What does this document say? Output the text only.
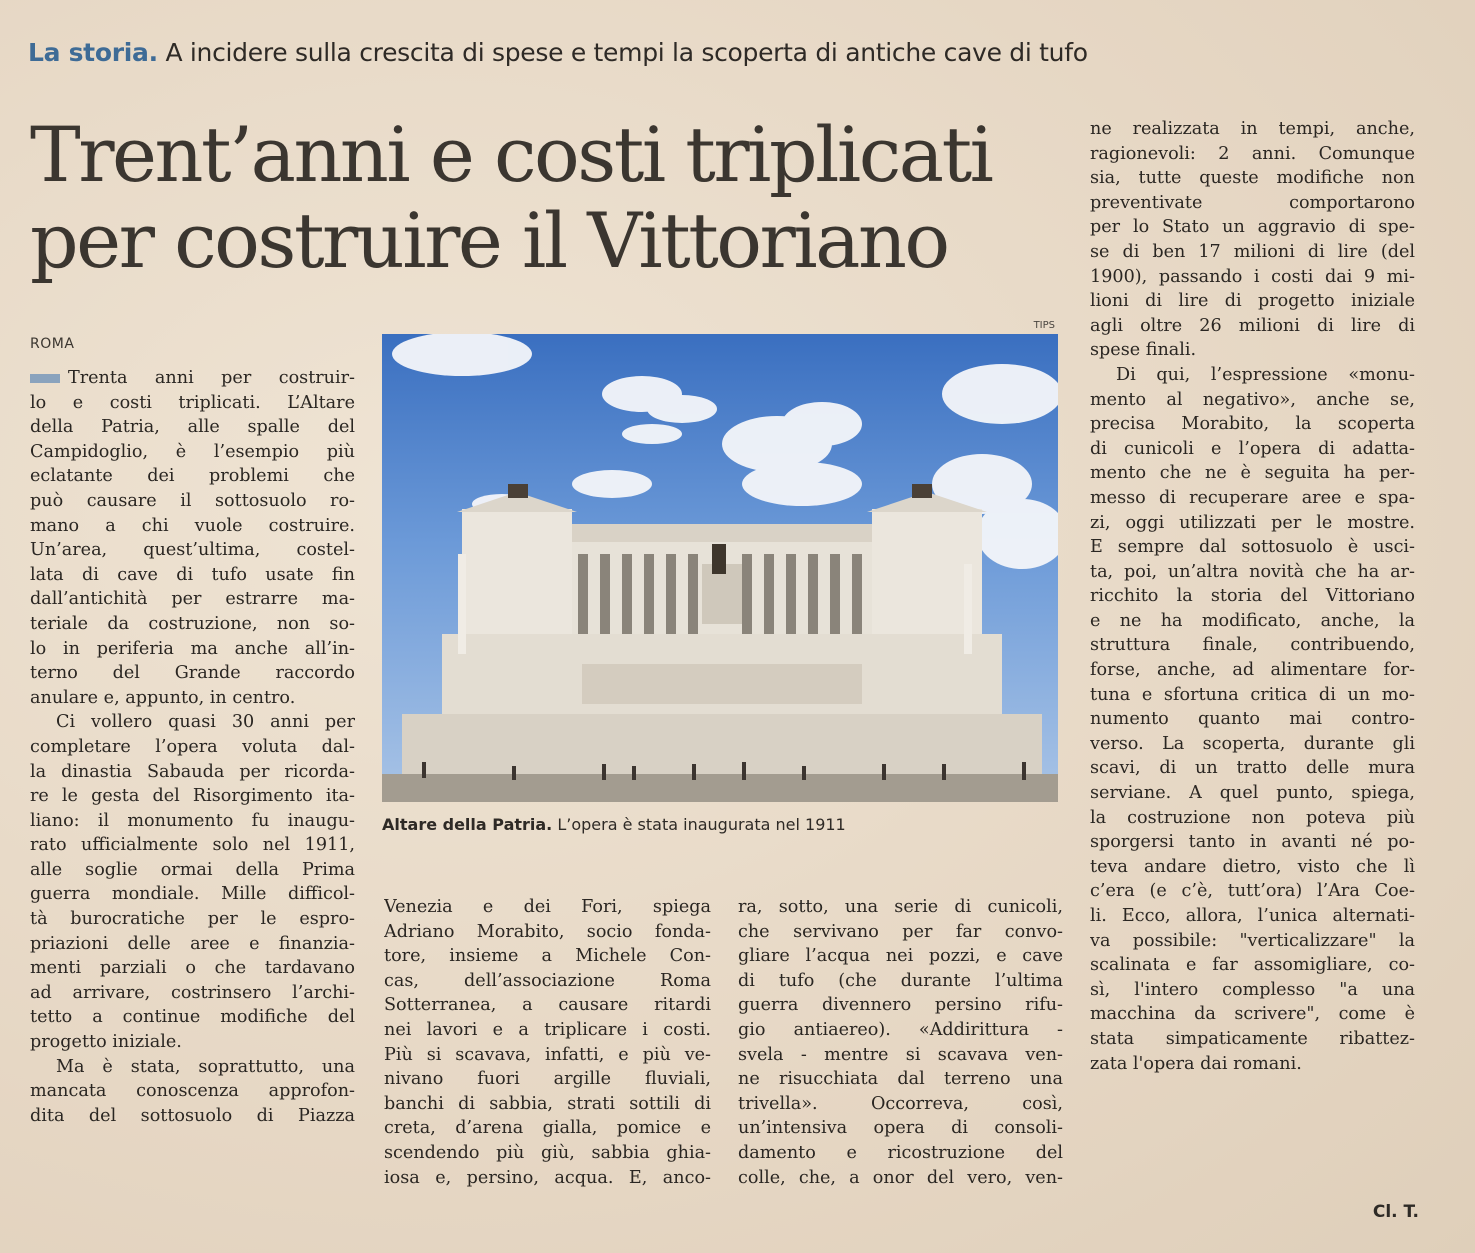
La storia. A incidere sulla crescita di spese e tempi la scoperta di antiche cave di tufo
Trent’anni e costi triplicati
per costruire il Vittoriano
ROMA
TIPS
Altare della Patria. L’opera è stata inaugurata nel 1911
Trenta anni per costruir-
lo e costi triplicati. L’Altare
della Patria, alle spalle del
Campidoglio, è l’esempio più
eclatante dei problemi che
può causare il sottosuolo ro-
mano a chi vuole costruire.
Un’area, quest’ultima, costel-
lata di cave di tufo usate fin
dall’antichità per estrarre ma-
teriale da costruzione, non so-
lo in periferia ma anche all’in-
terno del Grande raccordo
anulare e, appunto, in centro.
Ci vollero quasi 30 anni per
completare l’opera voluta dal-
la dinastia Sabauda per ricorda-
re le gesta del Risorgimento ita-
liano: il monumento fu inaugu-
rato ufficialmente solo nel 1911,
alle soglie ormai della Prima
guerra mondiale. Mille difficol-
tà burocratiche per le espro-
priazioni delle aree e finanzia-
menti parziali o che tardavano
ad arrivare, costrinsero l’archi-
tetto a continue modifiche del
progetto iniziale.
Ma è stata, soprattutto, una
mancata conoscenza approfon-
dita del sottosuolo di Piazza
Venezia e dei Fori, spiega
Adriano Morabito, socio fonda-
tore, insieme a Michele Con-
cas, dell’associazione Roma
Sotterranea, a causare ritardi
nei lavori e a triplicare i costi.
Più si scavava, infatti, e più ve-
nivano fuori argille fluviali,
banchi di sabbia, strati sottili di
creta, d’arena gialla, pomice e
scendendo più giù, sabbia ghia-
iosa e, persino, acqua. E, anco-
ra, sotto, una serie di cunicoli,
che servivano per far convo-
gliare l’acqua nei pozzi, e cave
di tufo (che durante l’ultima
guerra divennero persino rifu-
gio antiaereo). «Addirittura -
svela - mentre si scavava ven-
ne risucchiata dal terreno una
trivella». Occorreva, così,
un’intensiva opera di consoli-
damento e ricostruzione del
colle, che, a onor del vero, ven-
ne realizzata in tempi, anche,
ragionevoli: 2 anni. Comunque
sia, tutte queste modifiche non
preventivate comportarono
per lo Stato un aggravio di spe-
se di ben 17 milioni di lire (del
1900), passando i costi dai 9 mi-
lioni di lire di progetto iniziale
agli oltre 26 milioni di lire di
spese finali.
Di qui, l’espressione «monu-
mento al negativo», anche se,
precisa Morabito, la scoperta
di cunicoli e l’opera di adatta-
mento che ne è seguita ha per-
messo di recuperare aree e spa-
zi, oggi utilizzati per le mostre.
E sempre dal sottosuolo è usci-
ta, poi, un’altra novità che ha ar-
ricchito la storia del Vittoriano
e ne ha modificato, anche, la
struttura finale, contribuendo,
forse, anche, ad alimentare for-
tuna e sfortuna critica di un mo-
numento quanto mai contro-
verso. La scoperta, durante gli
scavi, di un tratto delle mura
serviane. A quel punto, spiega,
la costruzione non poteva più
sporgersi tanto in avanti né po-
teva andare dietro, visto che lì
c’era (e c’è, tutt’ora) l’Ara Coe-
li. Ecco, allora, l’unica alternati-
va possibile: "verticalizzare" la
scalinata e far assomigliare, co-
sì, l'intero complesso "a una
macchina da scrivere", come è
stata simpaticamente ribattez-
zata l'opera dai romani.
Cl. T.
